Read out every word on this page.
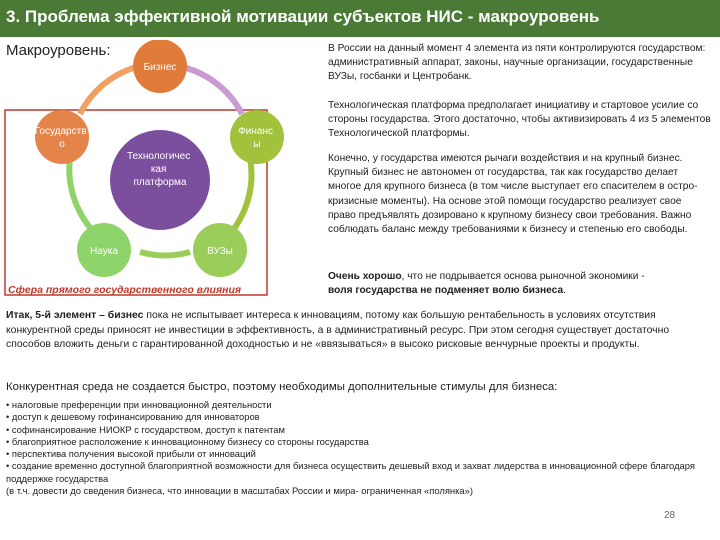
3. Проблема эффективной мотивации субъектов НИС - макроуровень
Макроуровень:
Технологичес кая платформа
Бизнес
Финанс ы
ВУЗы
Наука
Государств о
Сфера прямого государственного влияния
В России на данный момент 4 элемента из пяти контролируются государством: административный аппарат, законы, научные организации, государственные ВУЗы, госбанки и Центробанк.
Технологическая платформа предполагает инициативу и стартовое усилие со стороны государства. Этого достаточно, чтобы активизировать 4 из 5 элементов Технологической платформы.
Конечно, у государства имеются рычаги воздействия и на крупный бизнес. Крупный бизнес не автономен от государства, так как государство делает многое для крупного бизнеса (в том числе выступает его спасителем в острокризисные моменты). На основе этой помощи государство реализует свое право предъявлять дозировано к крупному бизнесу свои требования. Важно соблюдать баланс между требованиями к бизнесу и степенью его свободы.
Очень хорошо, что не подрывается основа рыночной экономики -
воля государства не подменяет волю бизнеса.
Итак, 5-й элемент – бизнес пока не испытывает интереса к инновациям, потому как большую рентабельность в условиях отсутствия конкурентной среды приносят не инвестиции в эффективность, а в административный ресурс. При этом сегодня существует достаточно способов вложить деньги с гарантированной доходностью и не «ввязываться» в высоко рисковые венчурные проекты и продукты.
Конкурентная среда не создается быстро, поэтому необходимы дополнительные стимулы для бизнеса:
• налоговые преференции при инновационной деятельности
• доступ к дешевому гофинансированию для инноваторов
• софинансирование НИОКР с государством, доступ к патентам
• благоприятное расположение к инновационному бизнесу со стороны государства
• перспектива получения высокой прибыли от инноваций
• создание временно доступной благоприятной возможности для бизнеса осуществить дешевый вход и захват лидерства в инновационной сфере благодаря поддержке государства
(в т.ч. довести до сведения бизнеса, что инновации в масштабах России и мира- ограниченная «полянка»)
28
